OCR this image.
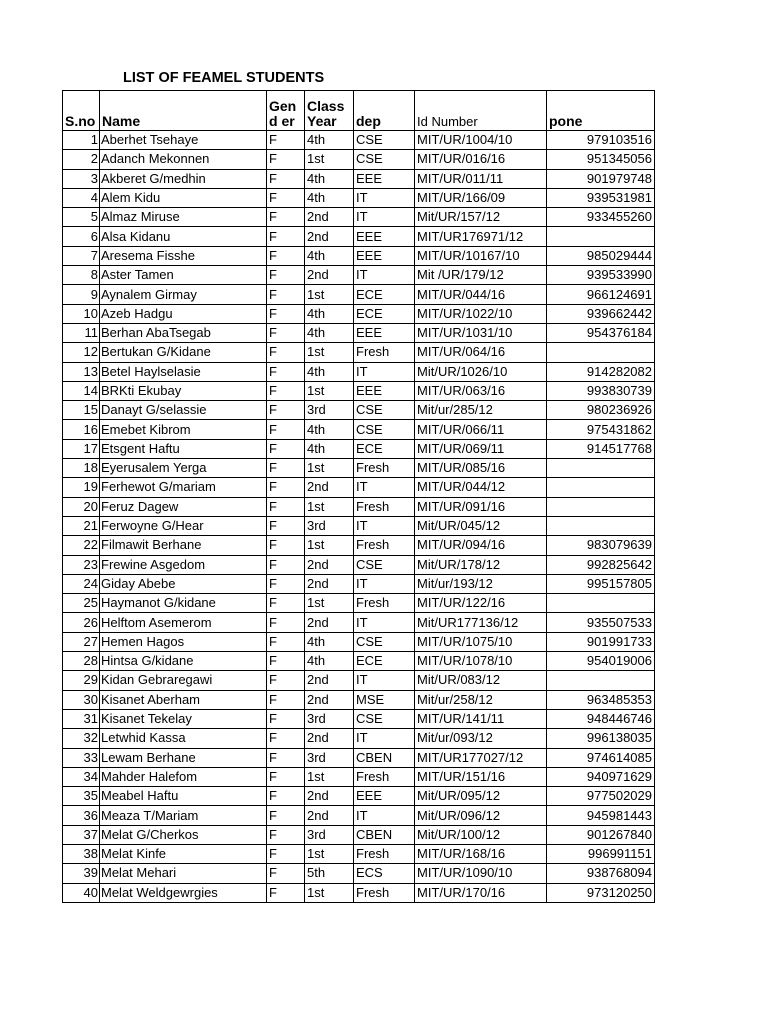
LIST OF FEAMEL STUDENTS
S.no	Name	Gend er	Class Year	dep	Id Number	pone
1	Aberhet Tsehaye	F	4th	CSE	MIT/UR/1004/10	979103516
2	Adanch Mekonnen	F	1st	CSE	MIT/UR/016/16	951345056
3	Akberet G/medhin	F	4th	EEE	MIT/UR/011/11	901979748
4	Alem Kidu	F	4th	IT	MIT/UR/166/09	939531981
5	Almaz Miruse	F	2nd	IT	Mit/UR/157/12	933455260
6	Alsa Kidanu	F	2nd	EEE	MIT/UR176971/12	
7	Aresema Fisshe	F	4th	EEE	MIT/UR/10167/10	985029444
8	Aster Tamen	F	2nd	IT	Mit /UR/179/12	939533990
9	Aynalem Girmay	F	1st	ECE	MIT/UR/044/16	966124691
10	Azeb Hadgu	F	4th	ECE	MIT/UR/1022/10	939662442
11	Berhan AbaTsegab	F	4th	EEE	MIT/UR/1031/10	954376184
12	Bertukan G/Kidane	F	1st	Fresh	MIT/UR/064/16	
13	Betel Haylselasie	F	4th	IT	Mit/UR/1026/10	914282082
14	BRKti Ekubay	F	1st	EEE	MIT/UR/063/16	993830739
15	Danayt G/selassie	F	3rd	CSE	Mit/ur/285/12	980236926
16	Emebet Kibrom	F	4th	CSE	MIT/UR/066/11	975431862
17	Etsgent Haftu	F	4th	ECE	MIT/UR/069/11	914517768
18	Eyerusalem Yerga	F	1st	Fresh	MIT/UR/085/16	
19	Ferhewot G/mariam	F	2nd	IT	MIT/UR/044/12	
20	Feruz Dagew	F	1st	Fresh	MIT/UR/091/16	
21	Ferwoyne G/Hear	F	3rd	IT	Mit/UR/045/12	
22	Filmawit Berhane	F	1st	Fresh	MIT/UR/094/16	983079639
23	Frewine Asgedom	F	2nd	CSE	Mit/UR/178/12	992825642
24	Giday Abebe	F	2nd	IT	Mit/ur/193/12	995157805
25	Haymanot G/kidane	F	1st	Fresh	MIT/UR/122/16	
26	Helftom Asemerom	F	2nd	IT	Mit/UR177136/12	935507533
27	Hemen Hagos	F	4th	CSE	MIT/UR/1075/10	901991733
28	Hintsa G/kidane	F	4th	ECE	MIT/UR/1078/10	954019006
29	Kidan Gebraregawi	F	2nd	IT	Mit/UR/083/12	
30	Kisanet Aberham	F	2nd	MSE	Mit/ur/258/12	963485353
31	Kisanet Tekelay	F	3rd	CSE	MIT/UR/141/11	948446746
32	Letwhid Kassa	F	2nd	IT	Mit/ur/093/12	996138035
33	Lewam Berhane	F	3rd	CBEN	MIT/UR177027/12	974614085
34	Mahder Halefom	F	1st	Fresh	MIT/UR/151/16	940971629
35	Meabel Haftu	F	2nd	EEE	Mit/UR/095/12	977502029
36	Meaza T/Mariam	F	2nd	IT	Mit/UR/096/12	945981443
37	Melat G/Cherkos	F	3rd	CBEN	Mit/UR/100/12	901267840
38	Melat Kinfe	F	1st	Fresh	MIT/UR/168/16	996991151
39	Melat Mehari	F	5th	ECS	MIT/UR/1090/10	938768094
40	Melat Weldgewrgies	F	1st	Fresh	MIT/UR/170/16	973120250
